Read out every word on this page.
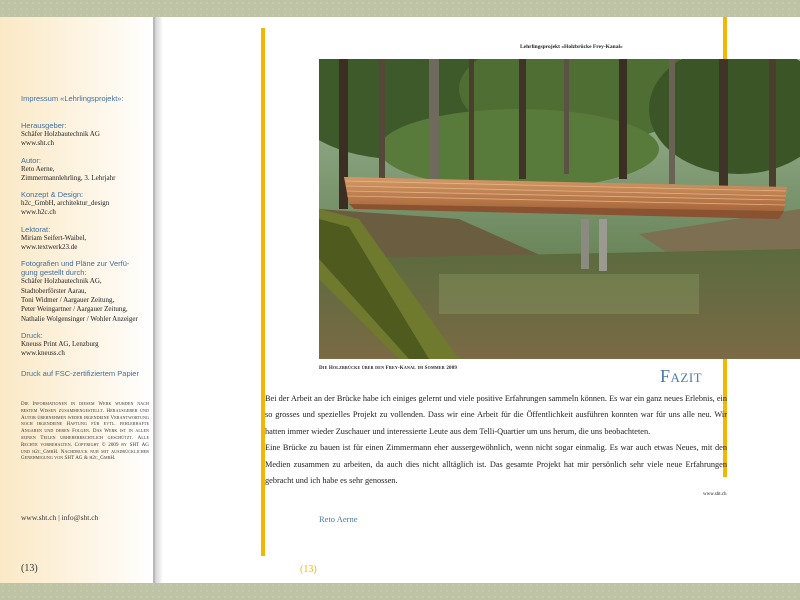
Impressum «Lehrlingsprojekt»:
Herausgeber:
Schäfer Holzbautechnik AG
www.sht.ch
Autor:
Reto Aerne,
Zimmermannlehrling, 3. Lehrjahr
Konzept & Design:
h2c_GmbH, architektur_design
www.h2c.ch
Lektorat:
Miriam Seifert-Waibel,
www.textwerk23.de
Fotografien und Pläne zur Verfü-
gung gestellt durch:
Schäfer Holzbautechnik AG,
Stadtoberförster Aarau,
Toni Widmer / Aargauer Zeitung,
Peter Weingartner / Aargauer Zeitung,
Nathalie Wolgensinger / Wohler Anzeiger
Druck:
Kneuss Print AG, Lenzburg
www.kneuss.ch
Druck auf FSC-zertifiziertem Papier
Die Informationen in diesem Werk wurden nach bestem Wissen zusammengestellt. Herausgeber und Autor übernehmen weder irgendeine Verantwortung noch irgendeine Haftung für evtl. fehlerhafte Angaben und deren Folgen. Das Werk ist in allen seinen Teilen urheberrechtlich geschützt. Alle Rechte vorbehalten. Copyright © 2009 by SHT AG und h2c_GmbH. Nachdruck nur mit ausdrücklicher Genehmigung von SHT AG & h2c_GmbH.
www.sht.ch | info@sht.ch
(13)
Lehrlingsprojekt «Holzbrücke Frey-Kanal»
Die Holzbrücke über den Frey-Kanal im Sommer 2009	Fazit

Bei der Arbeit an der Brücke habe ich einiges gelernt und viele positive Erfahrungen sammeln können. Es war ein ganz neues Erlebnis, ein so grosses und spezielles Projekt zu vollenden. Dass wir eine Arbeit für die Öffentlichkeit ausführen konnten war für uns alle neu. Wir hatten immer wieder Zuschauer und interessierte Leute aus dem Telli-Quartier um uns herum, die uns beobachteten.

Eine Brücke zu bauen ist für einen Zimmermann eher aussergewöhnlich, wenn nicht sogar einmalig. Es war auch etwas Neues, mit den Medien zusammen zu arbeiten, da auch dies nicht alltäglich ist. Das gesamte Projekt hat mir persönlich sehr viele neue Erfahrungen gebracht und ich habe es sehr genossen.

www.sht.ch
Reto Aerne
(13)
